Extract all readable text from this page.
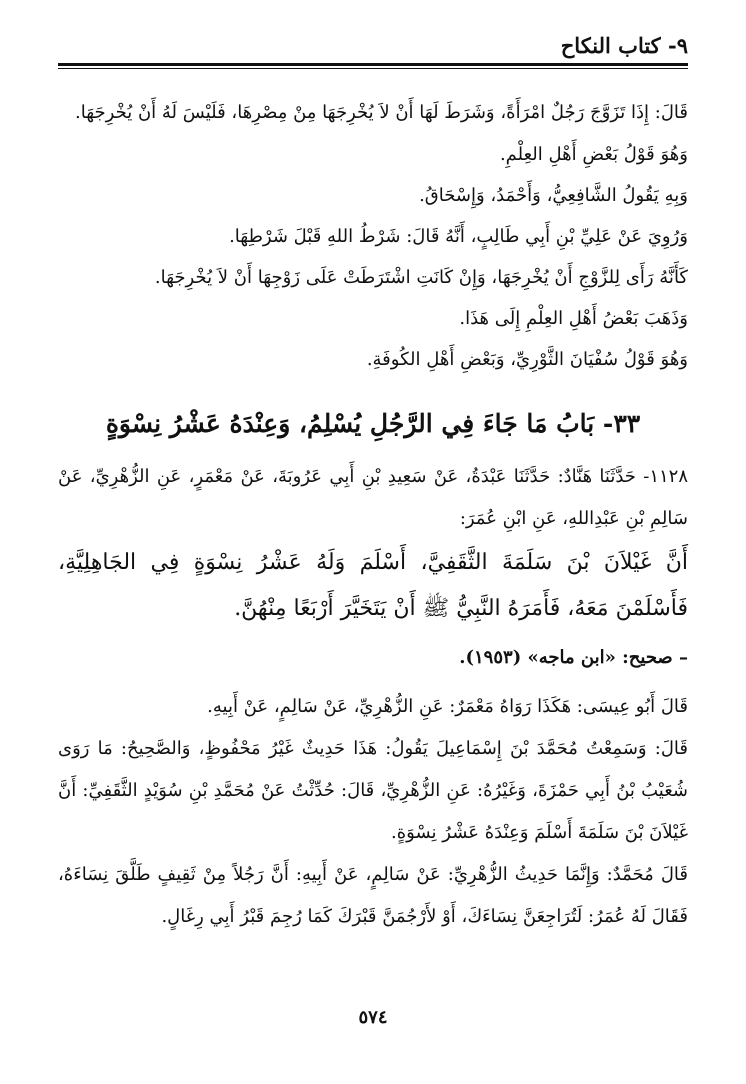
٩- كتاب النكاح

قَالَ: إِذَا تَزَوَّجَ رَجُلٌ امْرَأَةً، وَشَرَطَ لَهَا أَنْ لاَ يُخْرِجَهَا مِنْ مِصْرِهَا، فَلَيْسَ لَهُ أَنْ يُخْرِجَهَا.

وَهُوَ قَوْلُ بَعْضِ أَهْلِ العِلْمِ.

وَبِهِ يَقُولُ الشَّافِعِيُّ، وَأَحْمَدُ، وَإِسْحَاقُ.

وَرُوِيَ عَنْ عَلِيِّ بْنِ أَبِي طَالِبٍ، أَنَّهُ قَالَ: شَرْطُ اللهِ قَبْلَ شَرْطِهَا.

كَأَنَّهُ رَأَى لِلزَّوْجِ أَنْ يُخْرِجَهَا، وَإِنْ كَانَتِ اشْتَرَطَتْ عَلَى زَوْجِهَا أَنْ لاَ يُخْرِجَهَا.

وَذَهَبَ بَعْضُ أَهْلِ العِلْمِ إِلَى هَذَا.

وَهُوَ قَوْلُ سُفْيَانَ الثَّوْرِيِّ، وَبَعْضِ أَهْلِ الكُوفَةِ.

٣٣- بَابُ مَا جَاءَ فِي الرَّجُلِ يُسْلِمُ، وَعِنْدَهُ عَشْرُ نِسْوَةٍ

١١٢٨- حَدَّثَنَا هَنَّادٌ: حَدَّثَنَا عَبْدَةُ، عَنْ سَعِيدِ بْنِ أَبِي عَرُوبَةَ، عَنْ مَعْمَرٍ، عَنِ الزُّهْرِيِّ، عَنْ سَالِمِ بْنِ عَبْدِاللهِ، عَنِ ابْنِ عُمَرَ:

أَنَّ غَيْلاَنَ بْنَ سَلَمَةَ الثَّقَفِيَّ، أَسْلَمَ وَلَهُ عَشْرُ نِسْوَةٍ فِي الجَاهِلِيَّةِ، فَأَسْلَمْنَ مَعَهُ، فَأَمَرَهُ النَّبِيُّ ﷺ أَنْ يَتَخَيَّرَ أَرْبَعًا مِنْهُنَّ.

– صحيح: «ابن ماجه» (١٩٥٣).

قَالَ أَبُو عِيسَى: هَكَذَا رَوَاهُ مَعْمَرٌ: عَنِ الزُّهْرِيِّ، عَنْ سَالِمٍ، عَنْ أَبِيهِ.

قَالَ: وَسَمِعْتُ مُحَمَّدَ بْنَ إِسْمَاعِيلَ يَقُولُ: هَذَا حَدِيثٌ غَيْرُ مَحْفُوظٍ، وَالصَّحِيحُ: مَا رَوَى شُعَيْبُ بْنُ أَبِي حَمْزَةَ، وَغَيْرُهُ: عَنِ الزُّهْرِيِّ، قَالَ: حُدِّثْتُ عَنْ مُحَمَّدِ بْنِ سُوَيْدٍ الثَّقَفِيِّ: أَنَّ غَيْلاَنَ بْنَ سَلَمَةَ أَسْلَمَ وَعِنْدَهُ عَشْرُ نِسْوَةٍ.

قَالَ مُحَمَّدٌ: وَإِنَّمَا حَدِيثُ الزُّهْرِيِّ: عَنْ سَالِمٍ، عَنْ أَبِيهِ: أَنَّ رَجُلاً مِنْ ثَقِيفٍ طَلَّقَ نِسَاءَهُ، فَقَالَ لَهُ عُمَرُ: لَتُرَاجِعَنَّ نِسَاءَكَ، أَوْ لأَرْجُمَنَّ قَبْرَكَ كَمَا رُجِمَ قَبْرُ أَبِي رِغَالٍ.

٥٧٤
